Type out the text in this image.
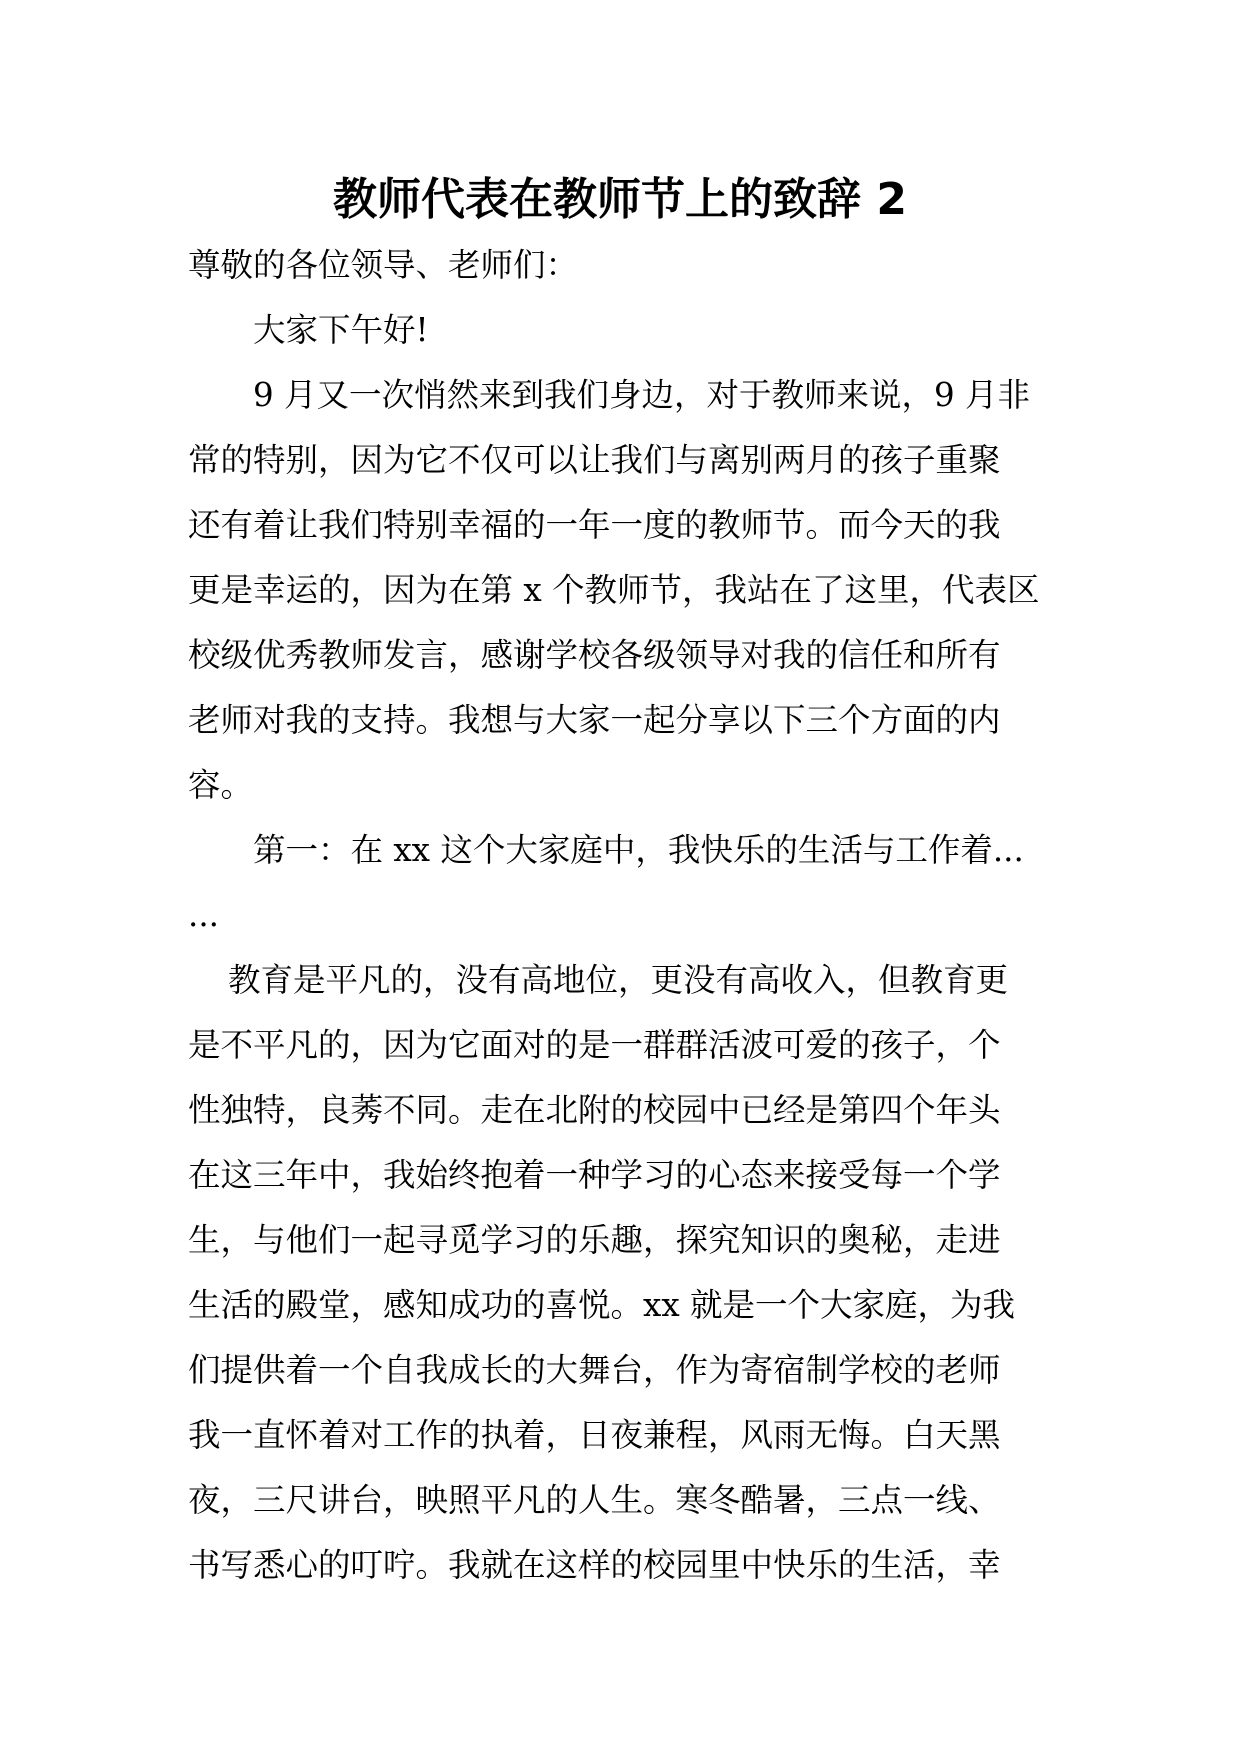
教师代表在教师节上的致辞 2
尊敬的各位领导、老师们：
大家下午好!
9 月又一次悄然来到我们身边，对于教师来说，9 月非
常的特别，因为它不仅可以让我们与离别两月的孩子重聚
还有着让我们特别幸福的一年一度的教师节。而今天的我
更是幸运的，因为在第 x 个教师节，我站在了这里，代表区
校级优秀教师发言，感谢学校各级领导对我的信任和所有
老师对我的支持。我想与大家一起分享以下三个方面的内
容。
第一：在 xx 这个大家庭中，我快乐的生活与工作着...
...
教育是平凡的，没有高地位，更没有高收入，但教育更
是不平凡的，因为它面对的是一群群活波可爱的孩子，个
性独特，良莠不同。走在北附的校园中已经是第四个年头
在这三年中，我始终抱着一种学习的心态来接受每一个学
生，与他们一起寻觅学习的乐趣，探究知识的奥秘，走进
生活的殿堂，感知成功的喜悦。xx 就是一个大家庭，为我
们提供着一个自我成长的大舞台，作为寄宿制学校的老师
我一直怀着对工作的执着，日夜兼程，风雨无悔。白天黑
夜，三尺讲台，映照平凡的人生。寒冬酷暑，三点一线、
书写悉心的叮咛。我就在这样的校园里中快乐的生活，幸
